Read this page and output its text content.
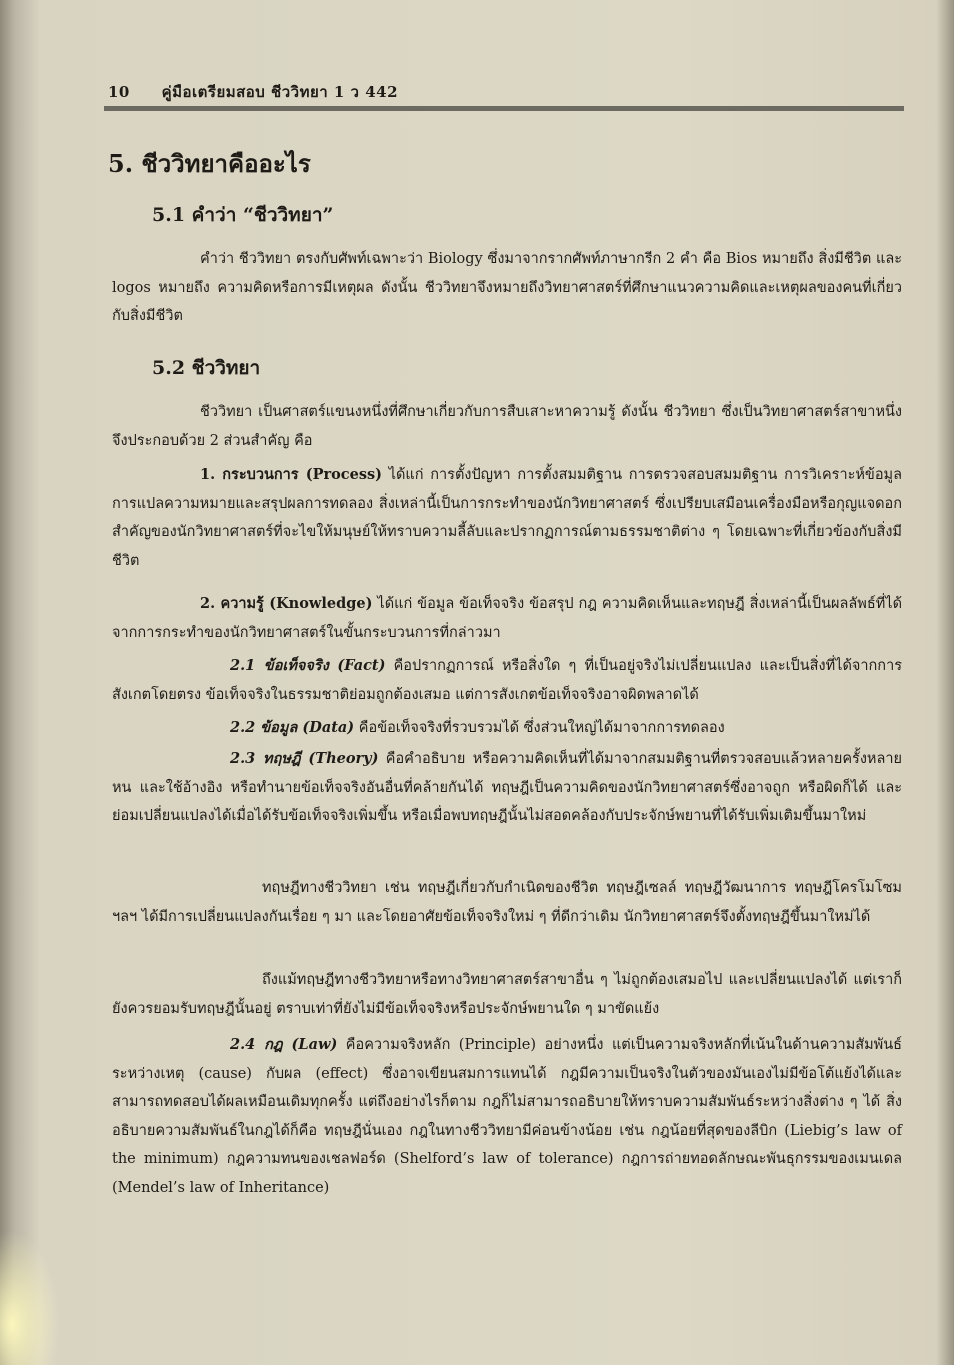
10 คู่มือเตรียมสอบ ชีววิทยา 1 ว 442
5. ชีววิทยาคืออะไร
5.1 คำว่า “ชีววิทยา”
คำว่า ชีววิทยา ตรงกับศัพท์เฉพาะว่า Biology ซึ่งมาจากรากศัพท์ภาษากรีก 2 คำ คือ Bios หมายถึง สิ่งมีชีวิต และ logos หมายถึง ความคิดหรือการมีเหตุผล ดังนั้น ชีววิทยาจึงหมายถึงวิทยาศาสตร์ที่ศึกษาแนวความคิดและเหตุผลของคนที่เกี่ยวกับสิ่งมีชีวิต
5.2 ชีววิทยา
ชีววิทยา เป็นศาสตร์แขนงหนึ่งที่ศึกษาเกี่ยวกับการสืบเสาะหาความรู้ ดังนั้น ชีววิทยา ซึ่งเป็นวิทยาศาสตร์สาขาหนึ่งจึงประกอบด้วย 2 ส่วนสำคัญ คือ
1. กระบวนการ (Process) ได้แก่ การตั้งปัญหา การตั้งสมมติฐาน การตรวจสอบสมมติฐาน การวิเคราะห์ข้อมูล การแปลความหมายและสรุปผลการทดลอง สิ่งเหล่านี้เป็นการกระทำของนักวิทยาศาสตร์ ซึ่งเปรียบเสมือนเครื่องมือหรือกุญแจดอกสำคัญของนักวิทยาศาสตร์ที่จะไขให้มนุษย์ให้ทราบความลี้ลับและปรากฏการณ์ตามธรรมชาติต่าง ๆ โดยเฉพาะที่เกี่ยวข้องกับสิ่งมีชีวิต
2. ความรู้ (Knowledge) ได้แก่ ข้อมูล ข้อเท็จจริง ข้อสรุป กฎ ความคิดเห็นและทฤษฎี สิ่งเหล่านี้เป็นผลลัพธ์ที่ได้จากการกระทำของนักวิทยาศาสตร์ในขั้นกระบวนการที่กล่าวมา
2.1 ข้อเท็จจริง (Fact) คือปรากฏการณ์ หรือสิ่งใด ๆ ที่เป็นอยู่จริงไม่เปลี่ยนแปลง และเป็นสิ่งที่ได้จากการสังเกตโดยตรง ข้อเท็จจริงในธรรมชาติย่อมถูกต้องเสมอ แต่การสังเกตข้อเท็จจริงอาจผิดพลาดได้
2.2 ข้อมูล (Data) คือข้อเท็จจริงที่รวบรวมได้ ซึ่งส่วนใหญ่ได้มาจากการทดลอง
2.3 ทฤษฎี (Theory) คือคำอธิบาย หรือความคิดเห็นที่ได้มาจากสมมติฐานที่ตรวจสอบแล้วหลายครั้งหลายหน และใช้อ้างอิง หรือทำนายข้อเท็จจริงอันอื่นที่คล้ายกันได้ ทฤษฎีเป็นความคิดของนักวิทยาศาสตร์ซึ่งอาจถูก หรือผิดก็ได้ และย่อมเปลี่ยนแปลงได้เมื่อได้รับข้อเท็จจริงเพิ่มขึ้น หรือเมื่อพบทฤษฎีนั้นไม่สอดคล้องกับประจักษ์พยานที่ได้รับเพิ่มเติมขึ้นมาใหม่
ทฤษฎีทางชีววิทยา เช่น ทฤษฎีเกี่ยวกับกำเนิดของชีวิต ทฤษฎีเซลล์ ทฤษฎีวัฒนาการ ทฤษฎีโครโมโซม ฯลฯ ได้มีการเปลี่ยนแปลงกันเรื่อย ๆ มา และโดยอาศัยข้อเท็จจริงใหม่ ๆ ที่ดีกว่าเดิม นักวิทยาศาสตร์จึงตั้งทฤษฎีขึ้นมาใหม่ได้
ถึงแม้ทฤษฎีทางชีววิทยาหรือทางวิทยาศาสตร์สาขาอื่น ๆ ไม่ถูกต้องเสมอไป และเปลี่ยนแปลงได้ แต่เราก็ยังควรยอมรับทฤษฎีนั้นอยู่ ตราบเท่าที่ยังไม่มีข้อเท็จจริงหรือประจักษ์พยานใด ๆ มาขัดแย้ง
2.4 กฎ (Law) คือความจริงหลัก (Principle) อย่างหนึ่ง แต่เป็นความจริงหลักที่เน้นในด้านความสัมพันธ์ระหว่างเหตุ (cause) กับผล (effect) ซึ่งอาจเขียนสมการแทนได้ กฎมีความเป็นจริงในตัวของมันเองไม่มีข้อโต้แย้งได้และสามารถทดสอบได้ผลเหมือนเดิมทุกครั้ง แต่ถึงอย่างไรก็ตาม กฎก็ไม่สามารถอธิบายให้ทราบความสัมพันธ์ระหว่างสิ่งต่าง ๆ ได้ สิ่งอธิบายความสัมพันธ์ในกฎได้ก็คือ ทฤษฎีนั่นเอง กฎในทางชีววิทยามีค่อนข้างน้อย เช่น กฎน้อยที่สุดของลีบิก (Liebig’s law of the minimum) กฎความทนของเชลฟอร์ด (Shelford’s law of tolerance) กฎการถ่ายทอดลักษณะพันธุกรรมของเมนเดล (Mendel’s law of Inheritance)
